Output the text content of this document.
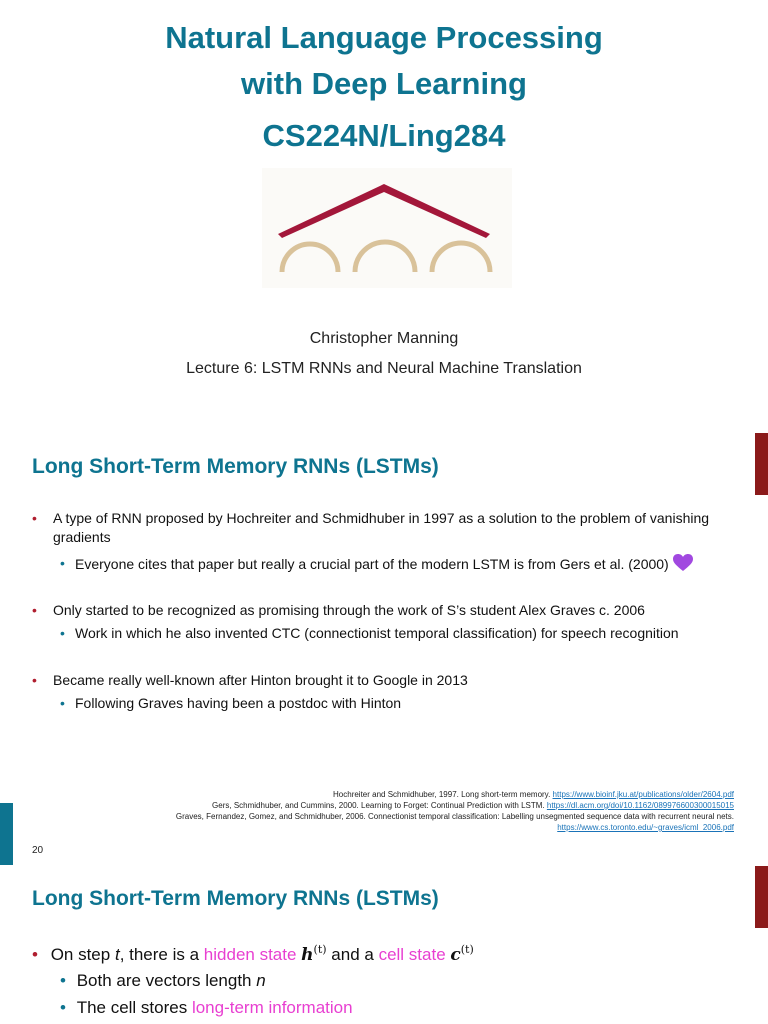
Natural Language Processing
with Deep Learning
CS224N/Ling284
Christopher Manning
Lecture 6: LSTM RNNs and Neural Machine Translation
Long Short-Term Memory RNNs (LSTMs)
• A type of RNN proposed by Hochreiter and Schmidhuber in 1997 as a solution to the problem of vanishing gradients
• Everyone cites that paper but really a crucial part of the modern LSTM is from Gers et al. (2000)
• Only started to be recognized as promising through the work of S’s student Alex Graves c. 2006
• Work in which he also invented CTC (connectionist temporal classification) for speech recognition
• Became really well-known after Hinton brought it to Google in 2013
• Following Graves having been a postdoc with Hinton
Hochreiter and Schmidhuber, 1997. Long short-term memory. https://www.bioinf.jku.at/publications/older/2604.pdf
Gers, Schmidhuber, and Cummins, 2000. Learning to Forget: Continual Prediction with LSTM. https://dl.acm.org/doi/10.1162/089976600300015015
Graves, Fernandez, Gomez, and Schmidhuber, 2006. Connectionist temporal classification: Labelling unsegmented sequence data with recurrent neural nets.
https://www.cs.toronto.edu/~graves/icml_2006.pdf
20
Long Short-Term Memory RNNs (LSTMs)
• On step t, there is a hidden state $h^{(t)}$ and a cell state $c^{(t)}$
• Both are vectors length n
• The cell stores long-term information
